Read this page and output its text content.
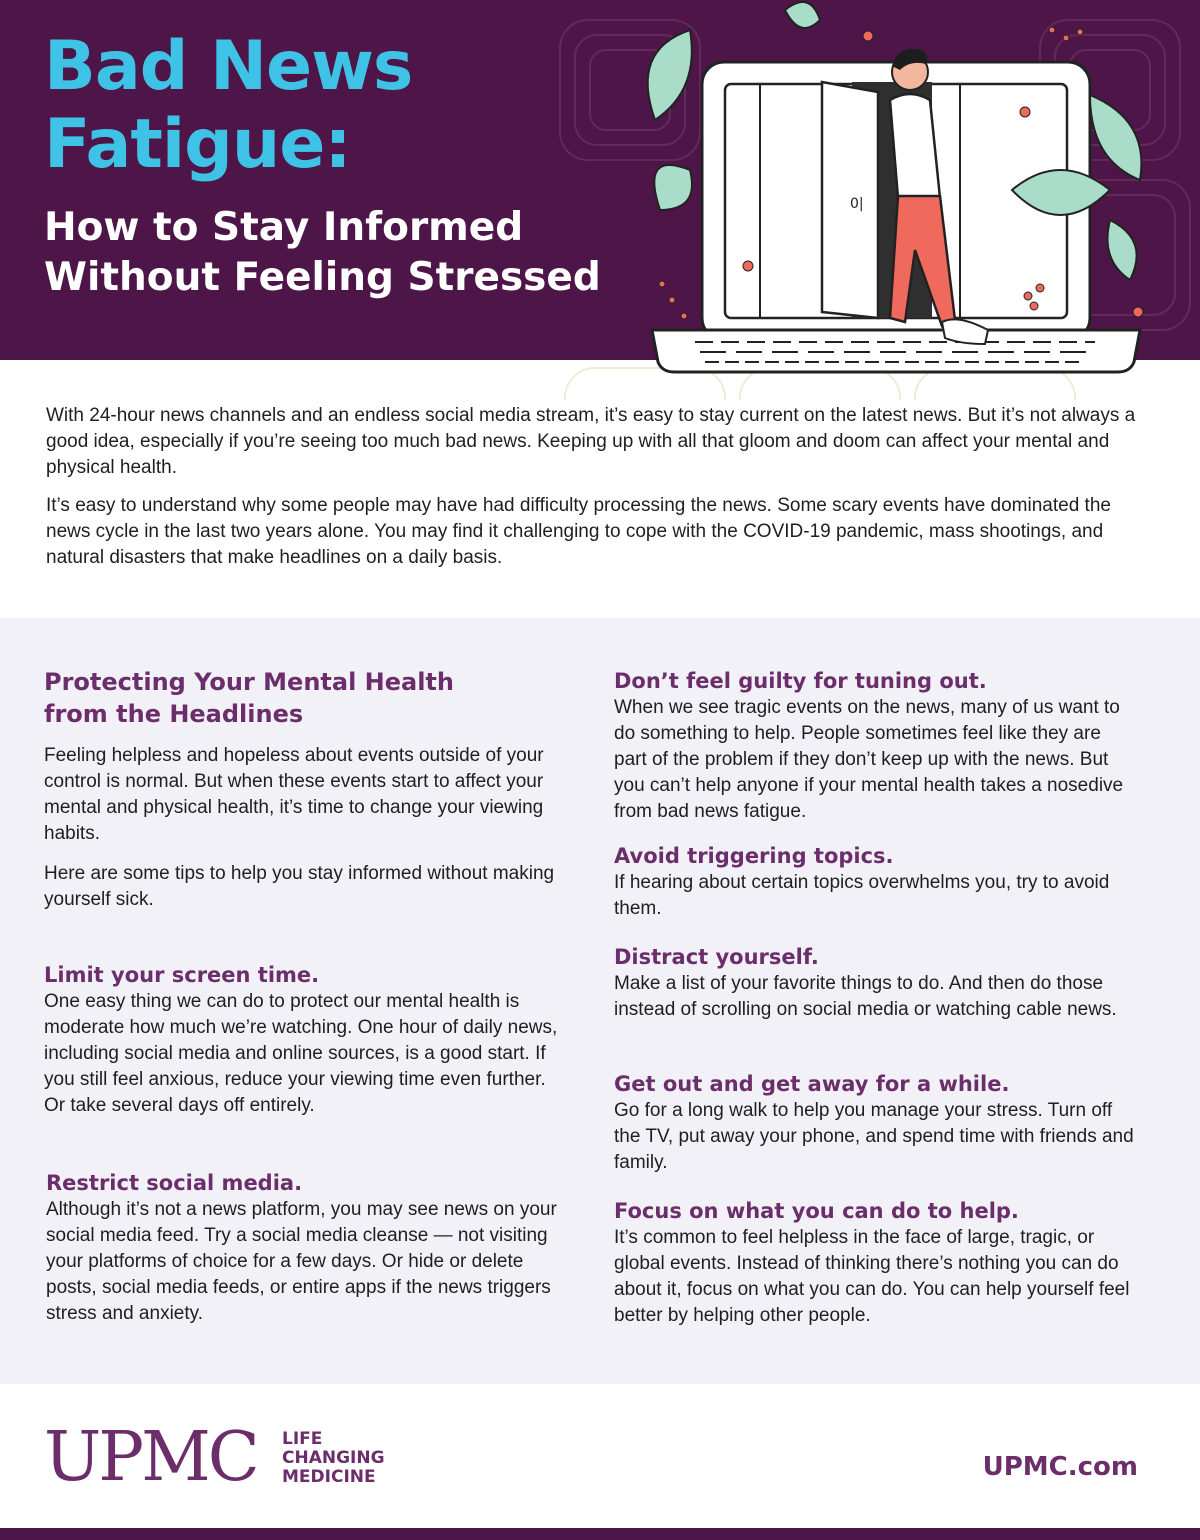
Bad News
Fatigue:
How to Stay Informed
Without Feeling Stressed
0|

With 24-hour news channels and an endless social media stream, it’s easy to stay current on the latest news. But it’s not always a good idea, especially if you’re seeing too much bad news. Keeping up with all that gloom and doom can affect your mental and physical health.

It’s easy to understand why some people may have had difficulty processing the news. Some scary events have dominated the news cycle in the last two years alone. You may find it challenging to cope with the COVID-19 pandemic, mass shootings, and natural disasters that make headlines on a daily basis.

Protecting Your Mental Health
from the Headlines

Feeling helpless and hopeless about events outside of your control is normal. But when these events start to affect your mental and physical health, it’s time to change your viewing habits.

Here are some tips to help you stay informed without making yourself sick.

Limit your screen time.

One easy thing we can do to protect our mental health is moderate how much we’re watching. One hour of daily news, including social media and online sources, is a good start. If you still feel anxious, reduce your viewing time even further. Or take several days off entirely.

Restrict social media.

Although it’s not a news platform, you may see news on your social media feed. Try a social media cleanse — not visiting your platforms of choice for a few days. Or hide or delete posts, social media feeds, or entire apps if the news triggers stress and anxiety.

Don’t feel guilty for tuning out.

When we see tragic events on the news, many of us want to do something to help. People sometimes feel like they are part of the problem if they don’t keep up with the news. But you can’t help anyone if your mental health takes a nosedive from bad news fatigue.

Avoid triggering topics.

If hearing about certain topics overwhelms you, try to avoid them.

Distract yourself.

Make a list of your favorite things to do. And then do those instead of scrolling on social media or watching cable news.

Get out and get away for a while.

Go for a long walk to help you manage your stress. Turn off the TV, put away your phone, and spend time with friends and family.

Focus on what you can do to help.

It’s common to feel helpless in the face of large, tragic, or global events. Instead of thinking there’s nothing you can do about it, focus on what you can do. You can help yourself feel better by helping other people.

UPMC LIFE
CHANGING
MEDICINE	UPMC.com
